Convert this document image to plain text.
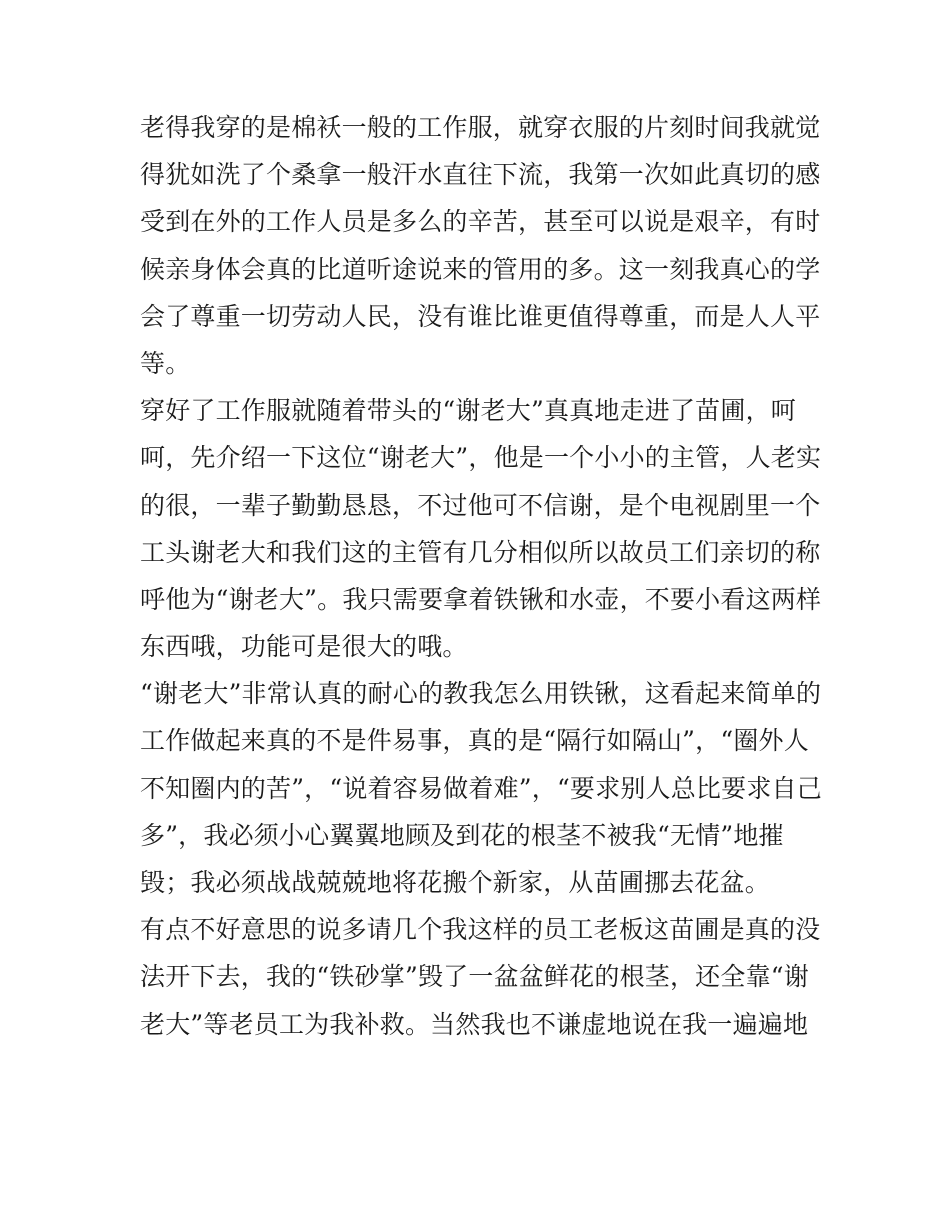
老得我穿的是棉袄一般的工作服，就穿衣服的片刻时间我就觉
得犹如洗了个桑拿一般汗水直往下流，我第一次如此真切的感
受到在外的工作人员是多么的辛苦，甚至可以说是艰辛，有时
候亲身体会真的比道听途说来的管用的多。这一刻我真心的学
会了尊重一切劳动人民，没有谁比谁更值得尊重，而是人人平
等。
穿好了工作服就随着带头的“谢老大”真真地走进了苗圃，呵
呵，先介绍一下这位“谢老大”，他是一个小小的主管，人老实
的很，一辈子勤勤恳恳，不过他可不信谢，是个电视剧里一个
工头谢老大和我们这的主管有几分相似所以故员工们亲切的称
呼他为“谢老大”。我只需要拿着铁锹和水壶，不要小看这两样
东西哦，功能可是很大的哦。
“谢老大”非常认真的耐心的教我怎么用铁锹，这看起来简单的
工作做起来真的不是件易事，真的是“隔行如隔山”，“圈外人
不知圈内的苦”，“说着容易做着难”，“要求别人总比要求自己
多”，我必须小心翼翼地顾及到花的根茎不被我“无情”地摧
毁；我必须战战兢兢地将花搬个新家，从苗圃挪去花盆。
有点不好意思的说多请几个我这样的员工老板这苗圃是真的没
法开下去，我的“铁砂掌”毁了一盆盆鲜花的根茎，还全靠“谢
老大”等老员工为我补救。当然我也不谦虚地说在我一遍遍地
